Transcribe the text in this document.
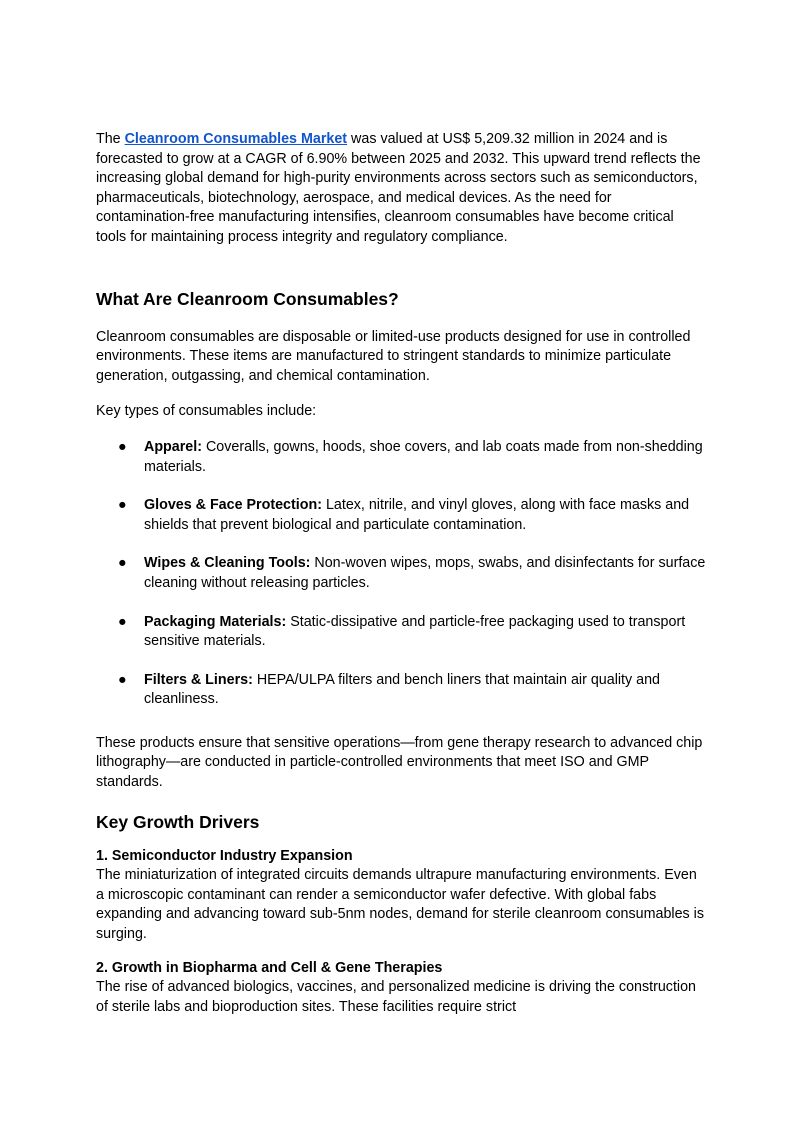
The Cleanroom Consumables Market was valued at US$ 5,209.32 million in 2024 and is forecasted to grow at a CAGR of 6.90% between 2025 and 2032. This upward trend reflects the increasing global demand for high-purity environments across sectors such as semiconductors, pharmaceuticals, biotechnology, aerospace, and medical devices. As the need for contamination-free manufacturing intensifies, cleanroom consumables have become critical tools for maintaining process integrity and regulatory compliance.

What Are Cleanroom Consumables?

Cleanroom consumables are disposable or limited-use products designed for use in controlled environments. These items are manufactured to stringent standards to minimize particulate generation, outgassing, and chemical contamination.

Key types of consumables include:

● Apparel: Coveralls, gowns, hoods, shoe covers, and lab coats made from non-shedding materials.
● Gloves & Face Protection: Latex, nitrile, and vinyl gloves, along with face masks and shields that prevent biological and particulate contamination.
● Wipes & Cleaning Tools: Non-woven wipes, mops, swabs, and disinfectants for surface cleaning without releasing particles.
● Packaging Materials: Static-dissipative and particle-free packaging used to transport sensitive materials.
● Filters & Liners: HEPA/ULPA filters and bench liners that maintain air quality and cleanliness.

These products ensure that sensitive operations—from gene therapy research to advanced chip lithography—are conducted in particle-controlled environments that meet ISO and GMP standards.

Key Growth Drivers

1. Semiconductor Industry Expansion
The miniaturization of integrated circuits demands ultrapure manufacturing environments. Even a microscopic contaminant can render a semiconductor wafer defective. With global fabs expanding and advancing toward sub-5nm nodes, demand for sterile cleanroom consumables is surging.

2. Growth in Biopharma and Cell & Gene Therapies
The rise of advanced biologics, vaccines, and personalized medicine is driving the construction of sterile labs and bioproduction sites. These facilities require strict
